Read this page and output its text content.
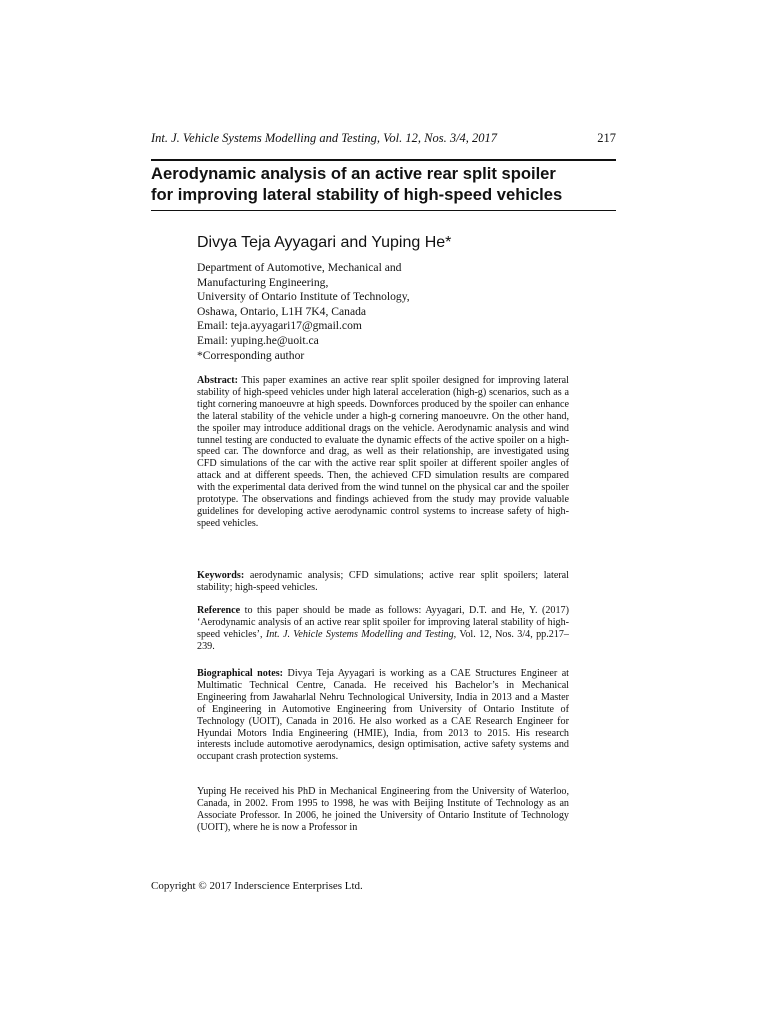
Int. J. Vehicle Systems Modelling and Testing, Vol. 12, Nos. 3/4, 2017	217
Aerodynamic analysis of an active rear split spoiler
for improving lateral stability of high-speed vehicles
Divya Teja Ayyagari and Yuping He*
Department of Automotive, Mechanical and
Manufacturing Engineering,
University of Ontario Institute of Technology,
Oshawa, Ontario, L1H 7K4, Canada
Email: teja.ayyagari17@gmail.com
Email: yuping.he@uoit.ca
*Corresponding author
Abstract: This paper examines an active rear split spoiler designed for improving lateral stability of high-speed vehicles under high lateral acceleration (high-g) scenarios, such as a tight cornering manoeuvre at high speeds. Downforces produced by the spoiler can enhance the lateral stability of the vehicle under a high-g cornering manoeuvre. On the other hand, the spoiler may introduce additional drags on the vehicle. Aerodynamic analysis and wind tunnel testing are conducted to evaluate the dynamic effects of the active spoiler on a high-speed car. The downforce and drag, as well as their relationship, are investigated using CFD simulations of the car with the active rear split spoiler at different spoiler angles of attack and at different speeds. Then, the achieved CFD simulation results are compared with the experimental data derived from the wind tunnel on the physical car and the spoiler prototype. The observations and findings achieved from the study may provide valuable guidelines for developing active aerodynamic control systems to increase safety of high-speed vehicles.
Keywords: aerodynamic analysis; CFD simulations; active rear split spoilers; lateral stability; high-speed vehicles.
Reference to this paper should be made as follows: Ayyagari, D.T. and He, Y. (2017) ‘Aerodynamic analysis of an active rear split spoiler for improving lateral stability of high-speed vehicles’, Int. J. Vehicle Systems Modelling and Testing, Vol. 12, Nos. 3/4, pp.217–239.
Biographical notes: Divya Teja Ayyagari is working as a CAE Structures Engineer at Multimatic Technical Centre, Canada. He received his Bachelor’s in Mechanical Engineering from Jawaharlal Nehru Technological University, India in 2013 and a Master of Engineering in Automotive Engineering from University of Ontario Institute of Technology (UOIT), Canada in 2016. He also worked as a CAE Research Engineer for Hyundai Motors India Engineering (HMIE), India, from 2013 to 2015. His research interests include automotive aerodynamics, design optimisation, active safety systems and occupant crash protection systems.
Yuping He received his PhD in Mechanical Engineering from the University of Waterloo, Canada, in 2002. From 1995 to 1998, he was with Beijing Institute of Technology as an Associate Professor. In 2006, he joined the University of Ontario Institute of Technology (UOIT), where he is now a Professor in
Copyright © 2017 Inderscience Enterprises Ltd.
